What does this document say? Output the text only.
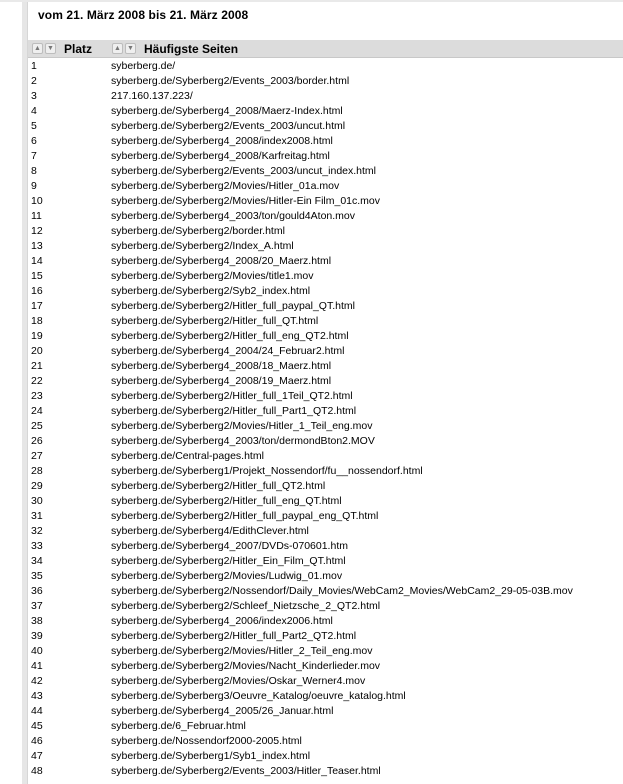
vom 21. März 2008 bis 21. März 2008
▲ ▼ Platz	▲ ▼ Häufigste Seiten
1	syberberg.de/
2	syberberg.de/Syberberg2/Events_2003/border.html
3	217.160.137.223/
4	syberberg.de/Syberberg4_2008/Maerz-Index.html
5	syberberg.de/Syberberg2/Events_2003/uncut.html
6	syberberg.de/Syberberg4_2008/index2008.html
7	syberberg.de/Syberberg4_2008/Karfreitag.html
8	syberberg.de/Syberberg2/Events_2003/uncut_index.html
9	syberberg.de/Syberberg2/Movies/Hitler_01a.mov
10	syberberg.de/Syberberg2/Movies/Hitler-Ein Film_01c.mov
11	syberberg.de/Syberberg4_2003/ton/gould4Aton.mov
12	syberberg.de/Syberberg2/border.html
13	syberberg.de/Syberberg2/Index_A.html
14	syberberg.de/Syberberg4_2008/20_Maerz.html
15	syberberg.de/Syberberg2/Movies/title1.mov
16	syberberg.de/Syberberg2/Syb2_index.html
17	syberberg.de/Syberberg2/Hitler_full_paypal_QT.html
18	syberberg.de/Syberberg2/Hitler_full_QT.html
19	syberberg.de/Syberberg2/Hitler_full_eng_QT2.html
20	syberberg.de/Syberberg4_2004/24_Februar2.html
21	syberberg.de/Syberberg4_2008/18_Maerz.html
22	syberberg.de/Syberberg4_2008/19_Maerz.html
23	syberberg.de/Syberberg2/Hitler_full_1Teil_QT2.html
24	syberberg.de/Syberberg2/Hitler_full_Part1_QT2.html
25	syberberg.de/Syberberg2/Movies/Hitler_1_Teil_eng.mov
26	syberberg.de/Syberberg4_2003/ton/dermondBton2.MOV
27	syberberg.de/Central-pages.html
28	syberberg.de/Syberberg1/Projekt_Nossendorf/fu__nossendorf.html
29	syberberg.de/Syberberg2/Hitler_full_QT2.html
30	syberberg.de/Syberberg2/Hitler_full_eng_QT.html
31	syberberg.de/Syberberg2/Hitler_full_paypal_eng_QT.html
32	syberberg.de/Syberberg4/EdithClever.html
33	syberberg.de/Syberberg4_2007/DVDs-070601.htm
34	syberberg.de/Syberberg2/Hitler_Ein_Film_QT.html
35	syberberg.de/Syberberg2/Movies/Ludwig_01.mov
36	syberberg.de/Syberberg2/Nossendorf/Daily_Movies/WebCam2_Movies/WebCam2_29-05-03B.mov
37	syberberg.de/Syberberg2/Schleef_Nietzsche_2_QT2.html
38	syberberg.de/Syberberg4_2006/index2006.html
39	syberberg.de/Syberberg2/Hitler_full_Part2_QT2.html
40	syberberg.de/Syberberg2/Movies/Hitler_2_Teil_eng.mov
41	syberberg.de/Syberberg2/Movies/Nacht_Kinderlieder.mov
42	syberberg.de/Syberberg2/Movies/Oskar_Werner4.mov
43	syberberg.de/Syberberg3/Oeuvre_Katalog/oeuvre_katalog.html
44	syberberg.de/Syberberg4_2005/26_Januar.html
45	syberberg.de/6_Februar.html
46	syberberg.de/Nossendorf2000-2005.html
47	syberberg.de/Syberberg1/Syb1_index.html
48	syberberg.de/Syberberg2/Events_2003/Hitler_Teaser.html
